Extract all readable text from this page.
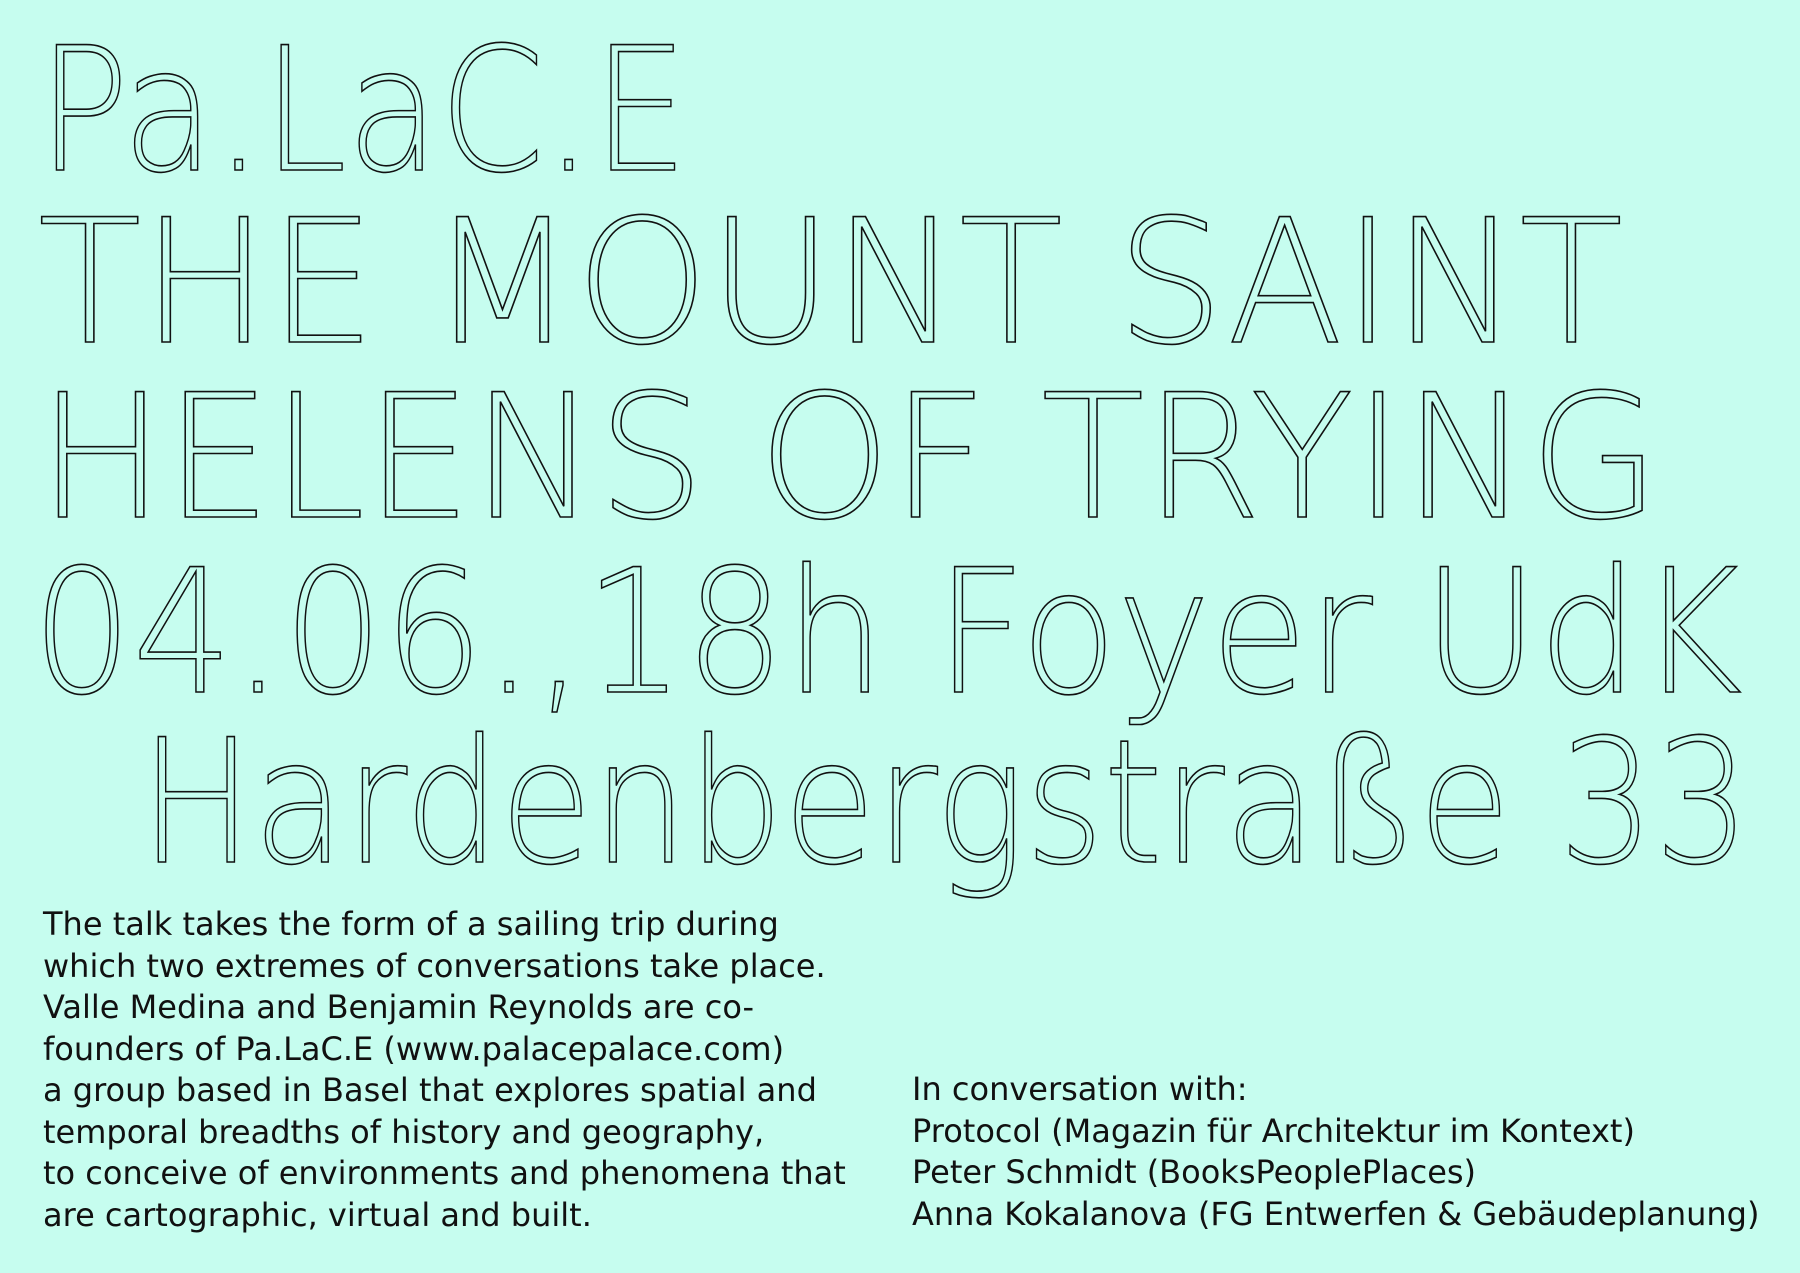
Pa.LaC.E
THE MOUNT SAINT
HELENS OF TRYING
04.06.,18h Foyer UdK
Hardenbergstraße 33
The talk takes the form of a sailing trip during
which two extremes of conversations take place.
Valle Medina and Benjamin Reynolds are co-
founders of Pa.LaC.E (www.palacepalace.com)
a group based in Basel that explores spatial and
temporal breadths of history and geography,
to conceive of environments and phenomena that
are cartographic, virtual and built.
In conversation with:
Protocol (Magazin für Architektur im Kontext)
Peter Schmidt (BooksPeoplePlaces)
Anna Kokalanova (FG Entwerfen & Gebäudeplanung)
